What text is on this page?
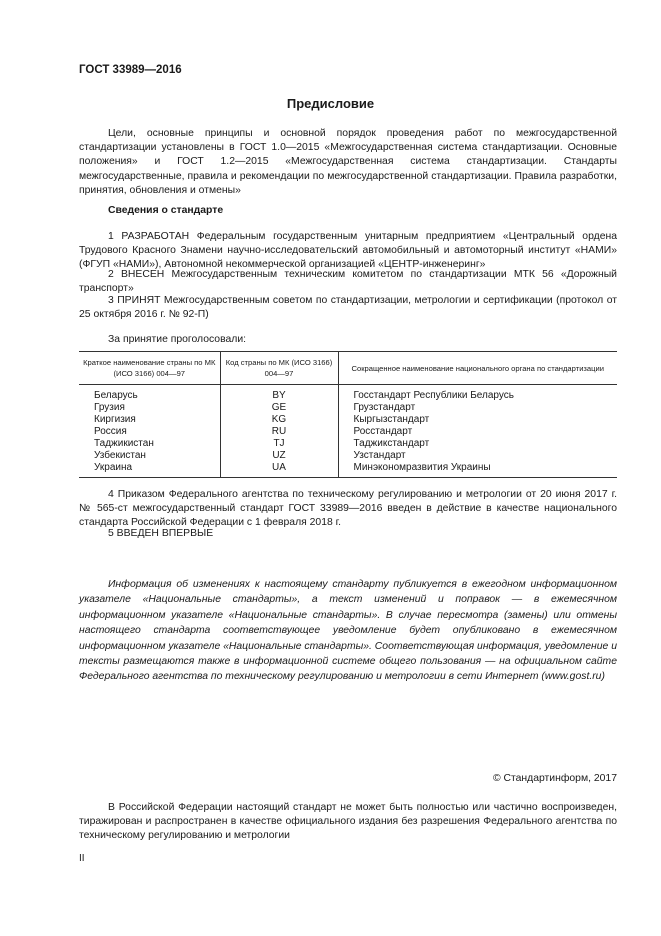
ГОСТ 33989—2016
Предисловие
Цели, основные принципы и основной порядок проведения работ по межгосударственной стандартизации установлены в ГОСТ 1.0—2015 «Межгосударственная система стандартизации. Основные положения» и ГОСТ 1.2—2015 «Межгосударственная система стандартизации. Стандарты межгосударственные, правила и рекомендации по межгосударственной стандартизации. Правила разработки, принятия, обновления и отмены»
Сведения о стандарте
1 РАЗРАБОТАН Федеральным государственным унитарным предприятием «Центральный ордена Трудового Красного Знамени научно-исследовательский автомобильный и автомоторный институт «НАМИ» (ФГУП «НАМИ»), Автономной некоммерческой организацией «ЦЕНТР-инженеринг»
2 ВНЕСЕН Межгосударственным техническим комитетом по стандартизации МТК 56 «Дорожный транспорт»
3 ПРИНЯТ Межгосударственным советом по стандартизации, метрологии и сертификации (протокол от 25 октября 2016 г. № 92-П)
За принятие проголосовали:
Краткое наименование страны по МК (ИСО 3166) 004—97	Код страны по МК (ИСО 3166) 004—97	Сокращенное наименование национального органа по стандартизации
Беларусь	BY	Госстандарт Республики Беларусь
Грузия	GE	Грузстандарт
Киргизия	KG	Кыргызстандарт
Россия	RU	Росстандарт
Таджикистан	TJ	Таджикстандарт
Узбекистан	UZ	Узстандарт
Украина	UA	Минэкономразвития Украины
4 Приказом Федерального агентства по техническому регулированию и метрологии от 20 июня 2017 г. № 565-ст межгосударственный стандарт ГОСТ 33989—2016 введен в действие в качестве национального стандарта Российской Федерации с 1 февраля 2018 г.
5 ВВЕДЕН ВПЕРВЫЕ
Информация об изменениях к настоящему стандарту публикуется в ежегодном информационном указателе «Национальные стандарты», а текст изменений и поправок — в ежемесячном информационном указателе «Национальные стандарты». В случае пересмотра (замены) или отмены настоящего стандарта соответствующее уведомление будет опубликовано в ежемесячном информационном указателе «Национальные стандарты». Соответствующая информация, уведомление и тексты размещаются также в информационной системе общего пользования — на официальном сайте Федерального агентства по техническому регулированию и метрологии в сети Интернет (www.gost.ru)
© Стандартинформ, 2017
В Российской Федерации настоящий стандарт не может быть полностью или частично воспроизведен, тиражирован и распространен в качестве официального издания без разрешения Федерального агентства по техническому регулированию и метрологии
II
